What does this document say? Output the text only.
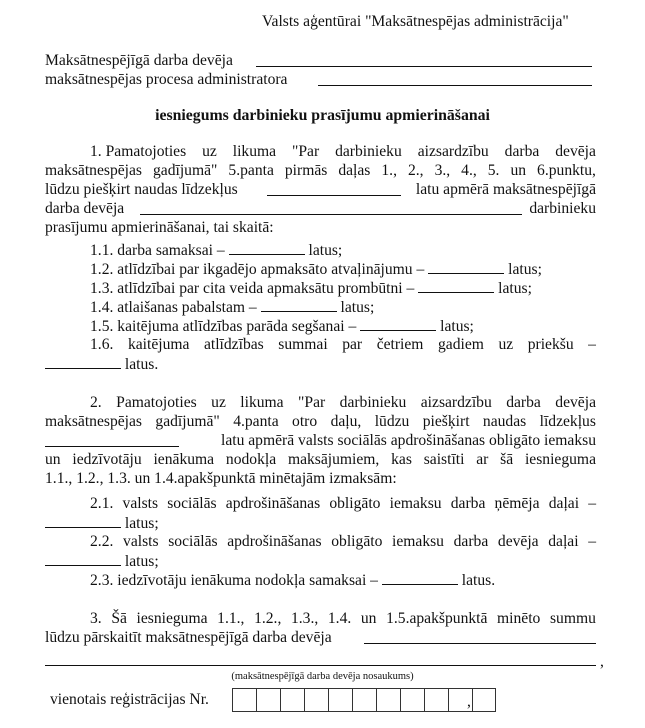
Valsts aģentūrai "Maksātnespējas administrācija"
Maksātnespējīgā darba devēja
maksātnespējas procesa administratora
iesniegums darbinieku prasījumu apmierināšanai
1. Pamatojoties uz likuma "Par darbinieku aizsardzību darba devēja
maksātnespējas gadījumā" 5.panta pirmās daļas 1., 2., 3., 4., 5. un 6.punktu,
lūdzu piešķirt naudas līdzekļus	latu apmērā maksātnespējīgā
darba devēja	darbinieku
prasījumu apmierināšanai, tai skaitā:
1.1. darba samaksai –	latus;
1.2. atlīdzībai par ikgadējo apmaksāto atvaļinājumu –	latus;
1.3. atlīdzībai par cita veida apmaksātu prombūtni –	latus;
1.4. atlaišanas pabalstam –	latus;
1.5. kaitējuma atlīdzības parāda segšanai –	latus;
1.6. kaitējuma atlīdzības summai par četriem gadiem uz priekšu –
latus.
2. Pamatojoties uz likuma "Par darbinieku aizsardzību darba devēja
maksātnespējas gadījumā" 4.panta otro daļu, lūdzu piešķirt naudas līdzekļus
latu apmērā valsts sociālās apdrošināšanas obligāto iemaksu
un iedzīvotāju ienākuma nodokļa maksājumiem, kas saistīti ar šā iesnieguma
1.1., 1.2., 1.3. un 1.4.apakšpunktā minētajām izmaksām:
2.1. valsts sociālās apdrošināšanas obligāto iemaksu darba ņēmēja daļai –
latus;
2.2. valsts sociālās apdrošināšanas obligāto iemaksu darba devēja daļai –
latus;
2.3. iedzīvotāju ienākuma nodokļa samaksai –	latus.
3. Šā iesnieguma 1.1., 1.2., 1.3., 1.4. un 1.5.apakšpunktā minēto summu
lūdzu pārskaitīt maksātnespējīgā darba devēja
,
(maksātnespējīgā darba devēja nosaukums)
vienotais reģistrācijas Nr.	,
